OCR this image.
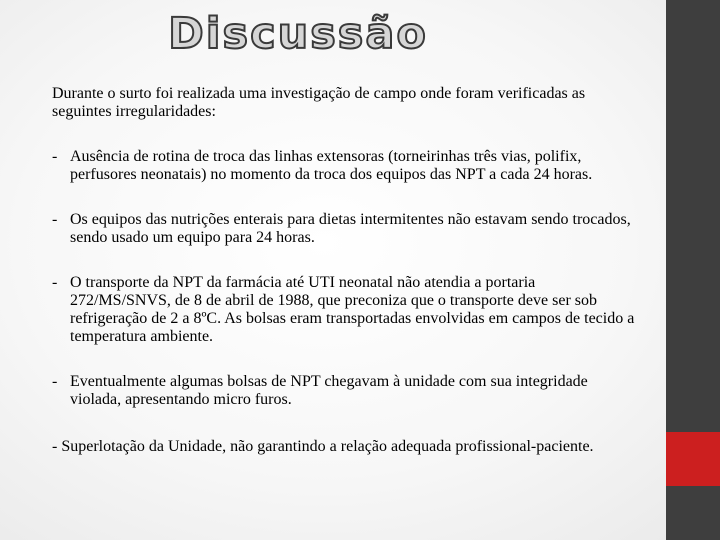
Discussão

Durante o surto foi realizada uma investigação de campo onde foram verificadas as seguintes irregularidades:

- Ausência de rotina de troca das linhas extensoras (torneirinhas três vias, polifix, perfusores neonatais) no momento da troca dos equipos das NPT a cada 24 horas.
- Os equipos das nutrições enterais para dietas intermitentes não estavam sendo trocados, sendo usado um equipo para 24 horas.
- O transporte da NPT da farmácia até UTI neonatal não atendia a portaria 272/MS/SNVS, de 8 de abril de 1988, que preconiza que o transporte deve ser sob refrigeração de 2 a 8ºC. As bolsas eram transportadas envolvidas em campos de tecido a temperatura ambiente.
- Eventualmente algumas bolsas de NPT chegavam à unidade com sua integridade violada, apresentando micro furos.

- Superlotação da Unidade, não garantindo a relação adequada profissional-paciente.
